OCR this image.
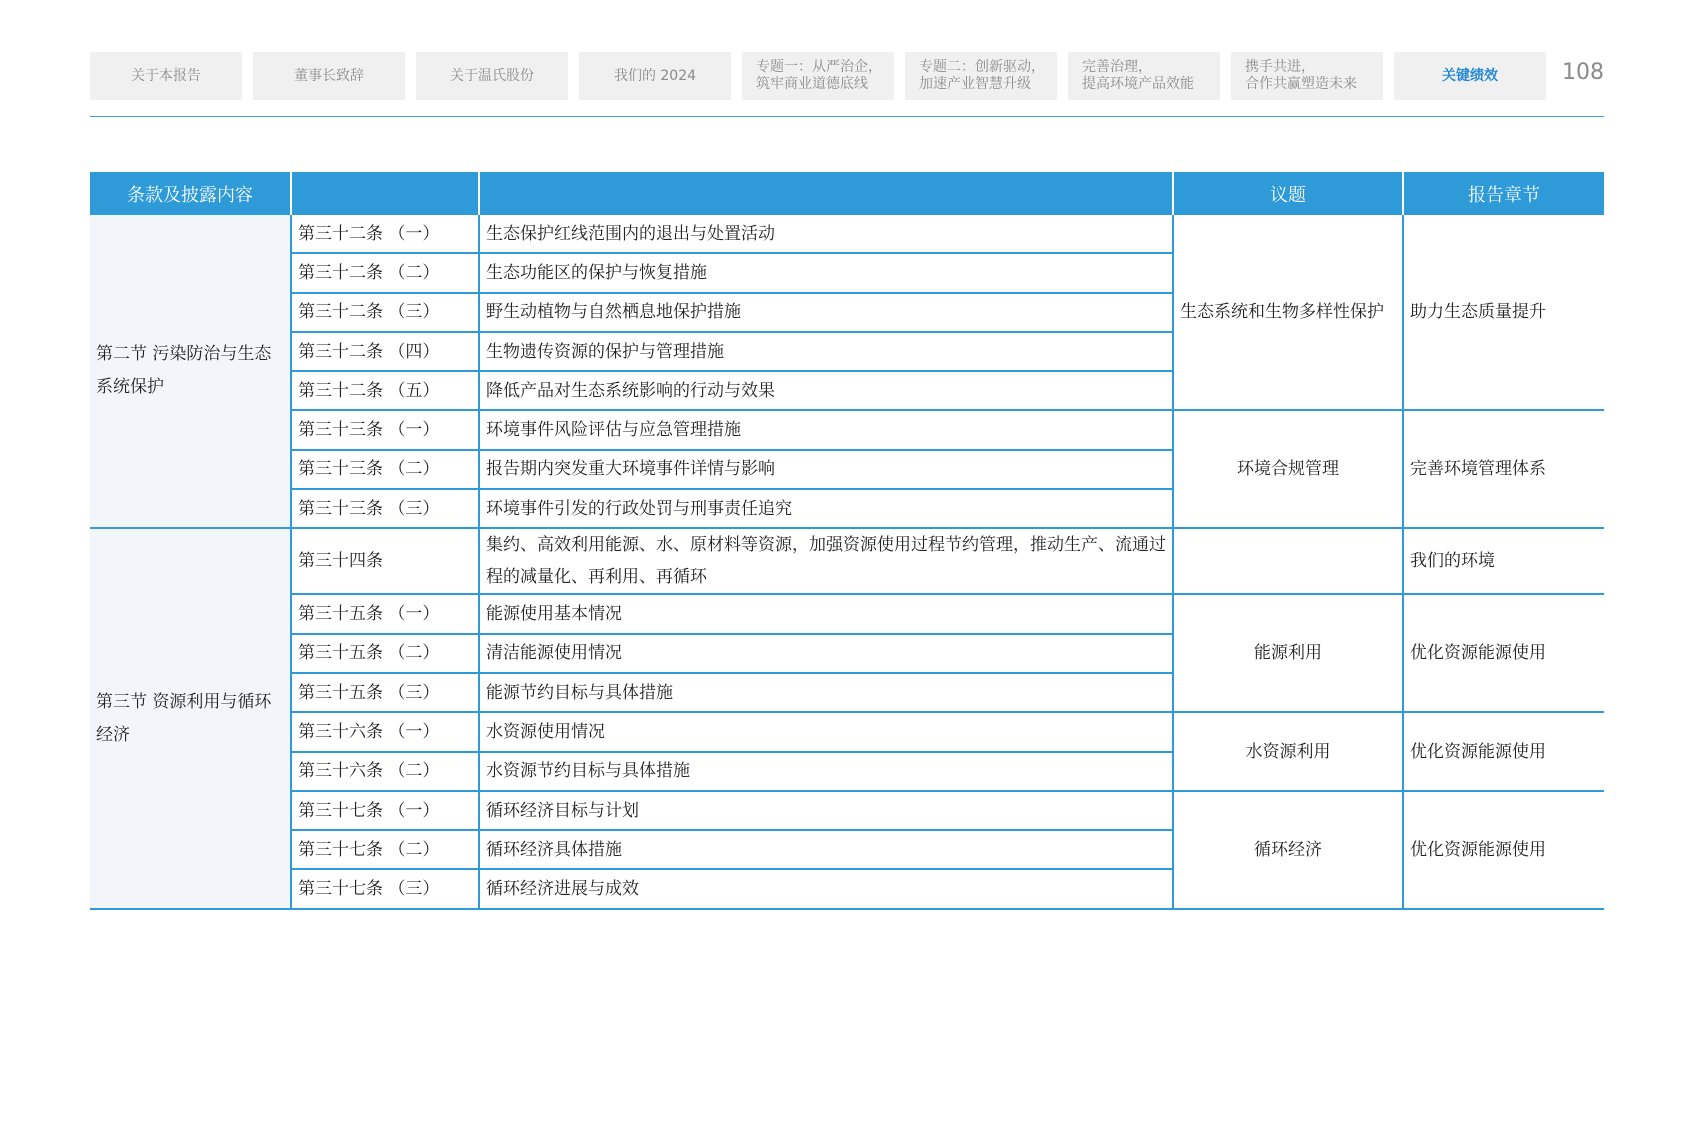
关于本报告	董事长致辞	关于温氏股份	我们的 2024
专题一：从严治企，
筑牢商业道德底线
专题二：创新驱动，
加速产业智慧升级
完善治理，
提高环境产品效能
携手共进，
合作共赢塑造未来
关键绩效	108
条款及披露内容			议题	报告章节
第二节 污染防治与生态系统保护	第三十二条 （一）	生态保护红线范围内的退出与处置活动	生态系统和生物多样性保护	助力生态质量提升
	第三十二条 （二）	生态功能区的保护与恢复措施		
	第三十二条 （三）	野生动植物与自然栖息地保护措施		
	第三十二条 （四）	生物遗传资源的保护与管理措施		
	第三十二条 （五）	降低产品对生态系统影响的行动与效果		
	第三十三条 （一）	环境事件风险评估与应急管理措施	环境合规管理	完善环境管理体系
	第三十三条 （二）	报告期内突发重大环境事件详情与影响		
	第三十三条 （三）	环境事件引发的行政处罚与刑事责任追究		
第三节 资源利用与循环经济	第三十四条	集约、高效利用能源、水、原材料等资源，加强资源使用过程节约管理，推动生产、流通过程的减量化、再利用、再循环		我们的环境
	第三十五条 （一）	能源使用基本情况	能源利用	优化资源能源使用
	第三十五条 （二）	清洁能源使用情况		
	第三十五条 （三）	能源节约目标与具体措施		
	第三十六条 （一）	水资源使用情况	水资源利用	优化资源能源使用
	第三十六条 （二）	水资源节约目标与具体措施		
	第三十七条 （一）	循环经济目标与计划	循环经济	优化资源能源使用
	第三十七条 （二）	循环经济具体措施		
	第三十七条 （三）	循环经济进展与成效		
